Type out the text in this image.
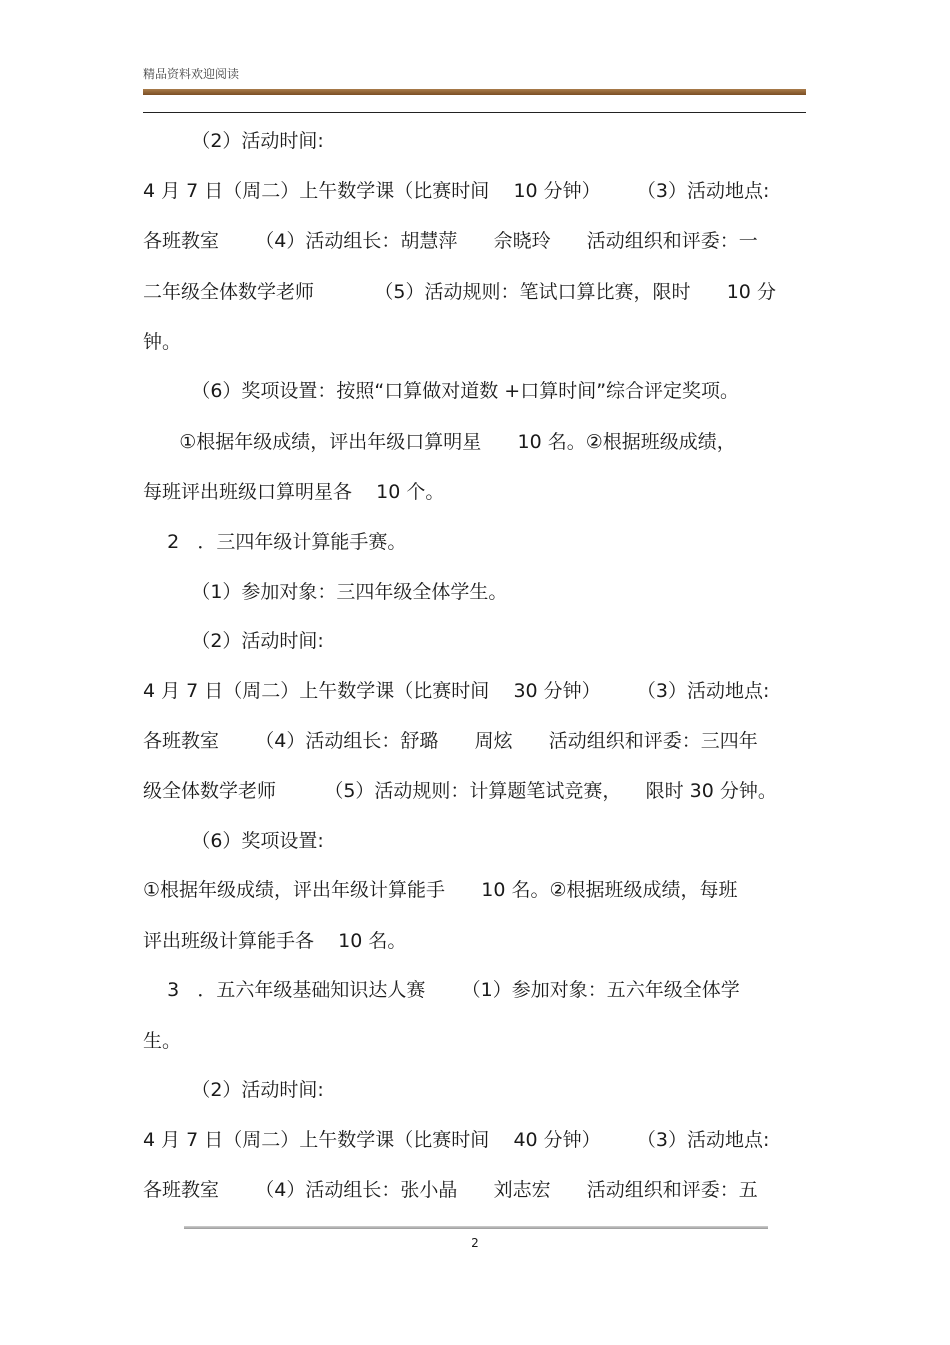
精品资料欢迎阅读
（2）活动时间:
4 月 7 日（周二）上午数学课（比赛时间    10 分钟）      （3）活动地点:
各班教室      （4）活动组长：胡慧萍      佘晓玲      活动组织和评委：一
二年级全体数学老师          （5）活动规则：笔试口算比赛，限时      10 分
钟。
（6）奖项设置：按照“口算做对道数 +口算时间”综合评定奖项。
①根据年级成绩，评出年级口算明星      10 名。②根据班级成绩，
每班评出班级口算明星各    10 个。
2   ．三四年级计算能手赛。
（1）参加对象：三四年级全体学生。
（2）活动时间:
4 月 7 日（周二）上午数学课（比赛时间    30 分钟）      （3）活动地点:
各班教室      （4）活动组长：舒璐      周炫      活动组织和评委：三四年
级全体数学老师        （5）活动规则：计算题笔试竞赛，    限时 30 分钟。
（6）奖项设置:
①根据年级成绩，评出年级计算能手      10 名。②根据班级成绩，每班
评出班级计算能手各    10 名。
3   ．五六年级基础知识达人赛      （1）参加对象：五六年级全体学
生。
（2）活动时间:
4 月 7 日（周二）上午数学课（比赛时间    40 分钟）      （3）活动地点:
各班教室      （4）活动组长：张小晶      刘志宏      活动组织和评委：五
2
